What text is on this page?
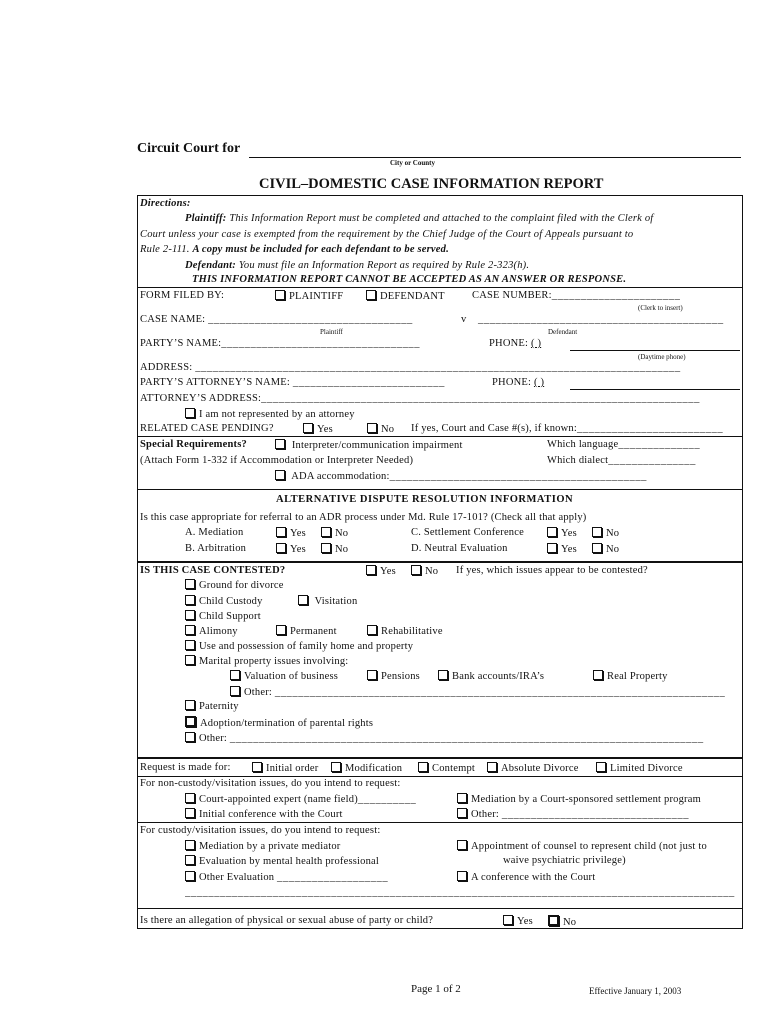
Circuit Court for
City or County
CIVIL–DOMESTIC CASE INFORMATION REPORT
Directions:
Plaintiff: This Information Report must be completed and attached to the complaint filed with the Clerk of
Court unless your case is exempted from the requirement by the Chief Judge of the Court of Appeals pursuant to
Rule 2-111. A copy must be included for each defendant to be served.
Defendant: You must file an Information Report as required by Rule 2-323(h).
THIS INFORMATION REPORT CANNOT BE ACCEPTED AS AN ANSWER OR RESPONSE.
FORM FILED BY:	PLAINTIFF	DEFENDANT	CASE NUMBER:______________________
(Clerk to insert)
CASE NAME: ___________________________________	v __________________________________________
Plaintiff	Defendant
PARTY’S NAME:__________________________________	PHONE: ( )
(Daytime phone)
ADDRESS: ___________________________________________________________________________________
PARTY’S ATTORNEY’S NAME: __________________________	PHONE: ( )
ATTORNEY’S ADDRESS:___________________________________________________________________________
I am not represented by an attorney
RELATED CASE PENDING?	Yes	No If yes, Court and Case #(s), if known:_________________________
Special Requirements?	Interpreter/communication impairment	Which language______________
(Attach Form 1-332 if Accommodation or Interpreter Needed)	Which dialect_______________
ADA accommodation:____________________________________________
ALTERNATIVE DISPUTE RESOLUTION INFORMATION
Is this case appropriate for referral to an ADR process under Md. Rule 17-101? (Check all that apply)
A. Mediation	Yes	No	C. Settlement Conference	Yes	No
B. Arbitration	Yes	No	D. Neutral Evaluation	Yes	No
IS THIS CASE CONTESTED?	Yes	No If yes, which issues appear to be contested?
Ground for divorce
Child Custody	Visitation
Child Support
Alimony	Permanent	Rehabilitative
Use and possession of family home and property
Marital property issues involving:
Valuation of business	Pensions	Bank accounts/IRA’s	Real Property
Other: _____________________________________________________________________________
Paternity
Adoption/termination of parental rights
Other: _________________________________________________________________________________
Request is made for:	Initial order	Modification	Contempt	Absolute Divorce	Limited Divorce
For non-custody/visitation issues, do you intend to request:
Court-appointed expert (name field)__________	Mediation by a Court-sponsored settlement program
Initial conference with the Court	Other: ________________________________
For custody/visitation issues, do you intend to request:
Mediation by a private mediator	Appointment of counsel to represent child (not just to
Evaluation by mental health professional	waive psychiatric privilege)
Other Evaluation ___________________	A conference with the Court
______________________________________________________________________________________________
Is there an allegation of physical or sexual abuse of party or child?	Yes	No
Page 1 of 2	Effective January 1, 2003
